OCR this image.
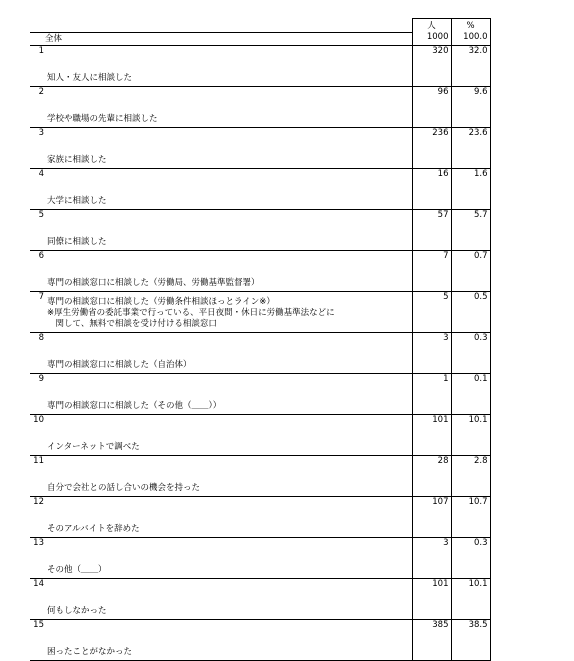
		人	%
	全体	1000	100.0
1	知人・友人に相談した	320	32.0
2	学校や職場の先輩に相談した	96	9.6
3	家族に相談した	236	23.6
4	大学に相談した	16	1.6
5	同僚に相談した	57	5.7
6	専門の相談窓口に相談した（労働局、労働基準監督署）	7	0.7
7	専門の相談窓口に相談した（労働条件相談ほっとライン※）
※厚生労働省の委託事業で行っている、平日夜間・休日に労働基準法などに
　関して、無料で相談を受け付ける相談窓口	5	0.5
8	専門の相談窓口に相談した（自治体）	3	0.3
9	専門の相談窓口に相談した（その他（＿＿））	1	0.1
10	インターネットで調べた	101	10.1
11	自分で会社との話し合いの機会を持った	28	2.8
12	そのアルバイトを辞めた	107	10.7
13	その他（＿＿）	3	0.3
14	何もしなかった	101	10.1
15	困ったことがなかった	385	38.5
